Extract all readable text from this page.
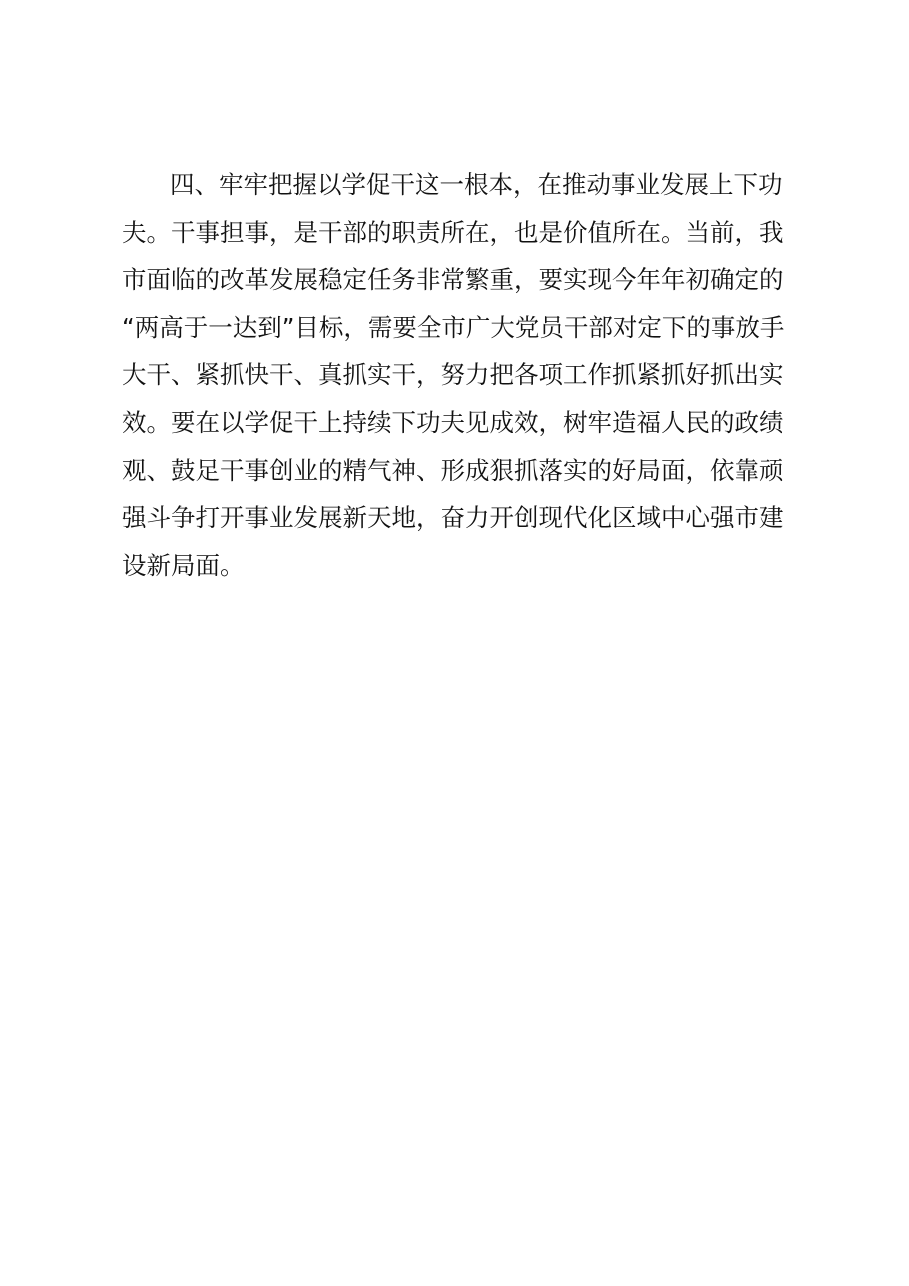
四、牢牢把握以学促干这一根本，在推动事业发展上下功
夫。干事担事，是干部的职责所在，也是价值所在。当前，我
市面临的改革发展稳定任务非常繁重，要实现今年年初确定的
“两高于一达到”目标，需要全市广大党员干部对定下的事放手
大干、紧抓快干、真抓实干，努力把各项工作抓紧抓好抓出实
效。要在以学促干上持续下功夫见成效，树牢造福人民的政绩
观、鼓足干事创业的精气神、形成狠抓落实的好局面，依靠顽
强斗争打开事业发展新天地，奋力开创现代化区域中心强市建
设新局面。
